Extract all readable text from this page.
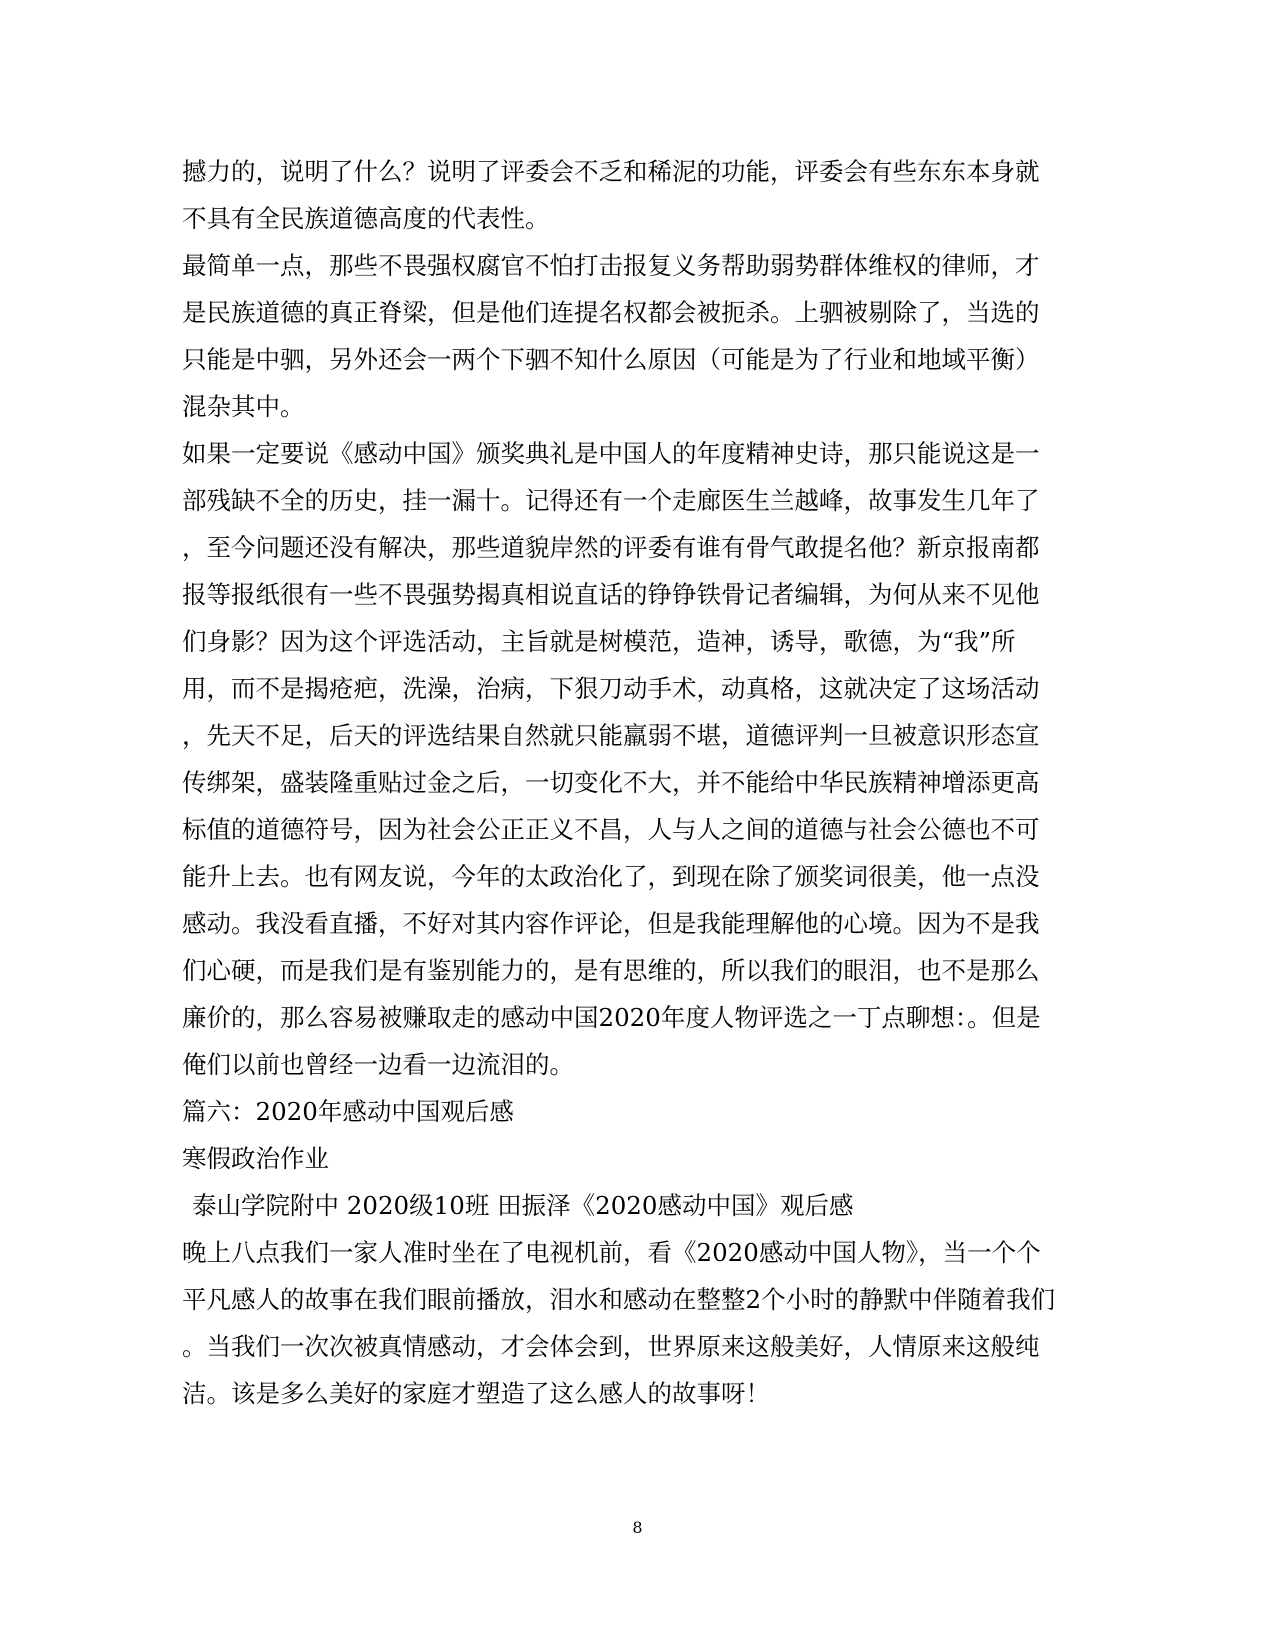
撼力的，说明了什么？说明了评委会不乏和稀泥的功能，评委会有些东东本身就
不具有全民族道德高度的代表性。
最简单一点，那些不畏强权腐官不怕打击报复义务帮助弱势群体维权的律师，才
是民族道德的真正脊梁，但是他们连提名权都会被扼杀。上驷被剔除了，当选的
只能是中驷，另外还会一两个下驷不知什么原因（可能是为了行业和地域平衡）
混杂其中。
如果一定要说《感动中国》颁奖典礼是中国人的年度精神史诗，那只能说这是一
部残缺不全的历史，挂一漏十。记得还有一个走廊医生兰越峰，故事发生几年了
，至今问题还没有解决，那些道貌岸然的评委有谁有骨气敢提名他？新京报南都
报等报纸很有一些不畏强势揭真相说直话的铮铮铁骨记者编辑，为何从来不见他
们身影？因为这个评选活动，主旨就是树模范，造神，诱导，歌德，为“我”所
用，而不是揭疮疤，洗澡，治病，下狠刀动手术，动真格，这就决定了这场活动
，先天不足，后天的评选结果自然就只能羸弱不堪，道德评判一旦被意识形态宣
传绑架，盛装隆重贴过金之后，一切变化不大，并不能给中华民族精神增添更高
标值的道德符号，因为社会公正正义不昌，人与人之间的道德与社会公德也不可
能升上去。也有网友说，今年的太政治化了，到现在除了颁奖词很美，他一点没
感动。我没看直播，不好对其内容作评论，但是我能理解他的心境。因为不是我
们心硬，而是我们是有鉴别能力的，是有思维的，所以我们的眼泪，也不是那么
廉价的，那么容易被赚取走的感动中国2020年度人物评选之一丁点聊想：。但是
俺们以前也曾经一边看一边流泪的。
篇六：2020年感动中国观后感
寒假政治作业
泰山学院附中 2020级10班 田振泽《2020感动中国》观后感
晚上八点我们一家人准时坐在了电视机前，看《2020感动中国人物》，当一个个
平凡感人的故事在我们眼前播放，泪水和感动在整整2个小时的静默中伴随着我们
。当我们一次次被真情感动，才会体会到，世界原来这般美好，人情原来这般纯
洁。该是多么美好的家庭才塑造了这么感人的故事呀！
8
